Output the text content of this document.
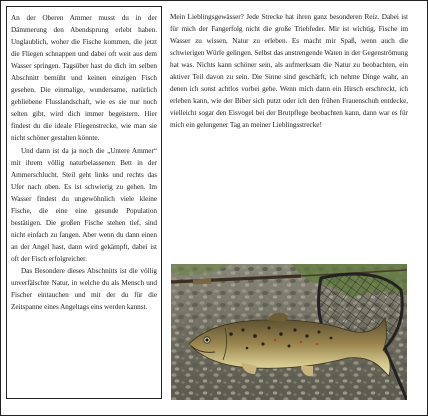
An der Oberen Ammer musst du in der Dämmerung den Abendsprung erlebt haben. Unglaublich, woher die Fische kommen, die jetzt die Fliegen schnappen und dabei oft weit aus dem Wasser springen. Tagsüber hast du dich im selben Abschnitt bemüht und keinen einzigen Fisch gesehen. Die einmalige, wundersame, natürlich gebliebene Flusslandschaft, wie es sie nur noch selten gibt, wird dich immer begeistern. Hier findest du die ideale Fliegenstrecke, wie man sie nicht schöner gestalten könnte.

Und dann ist da ja noch die „Untere Ammer“ mit ihrem völlig naturbelassenen Bett in der Ammerschlucht. Steil geht links und rechts das Ufer nach oben. Es ist schwierig zu gehen. Im Wasser findest du ungewöhnlich viele kleine Fische, die eine eine gesunde Population bestätigen. Die großen Fische stehen tief, sind nicht einfach zu fangen. Aber wenn du dann einen an der Angel hast, dann wird gekämpft, dabei ist oft der Fisch erfolgreicher.

Das Besondere dieses Abschnitts ist die völlig unverfälschte Natur, in welche du als Mensch und Fischer eintauchen und mit der du für die Zeitspanne eines Angeltags eins werden kannst.

Mein Lieblingsgewässer? Jede Strecke hat ihren ganz besonderen Reiz. Dabei ist für mich der Fangerfolg nicht die große Triebfeder. Mir ist wichtig, Fische im Wasser zu wissen, Natur zu erleben. Es macht mir Spaß, wenn auch die schwierigen Würfe gelingen. Selbst das anstrengende Waten in der Gegenströmung hat was. Nichts kann schöner sein, als aufmerksam die Natur zu beobachten, ein aktiver Teil davon zu sein. Die Sinne sind geschärft, ich nehme Dinge wahr, an denen ich sonst achtlos vorbei gehe. Wenn mich dann ein Hirsch erschreckt, ich erleben kann, wie der Biber sich putzt oder ich den frühen Frauenschuh entdecke, vielleicht sogar den Eisvogel bei der Brutpflege beobachten kann, dann war es für mich ein gelungener Tag an meiner Lieblingsstrecke!
